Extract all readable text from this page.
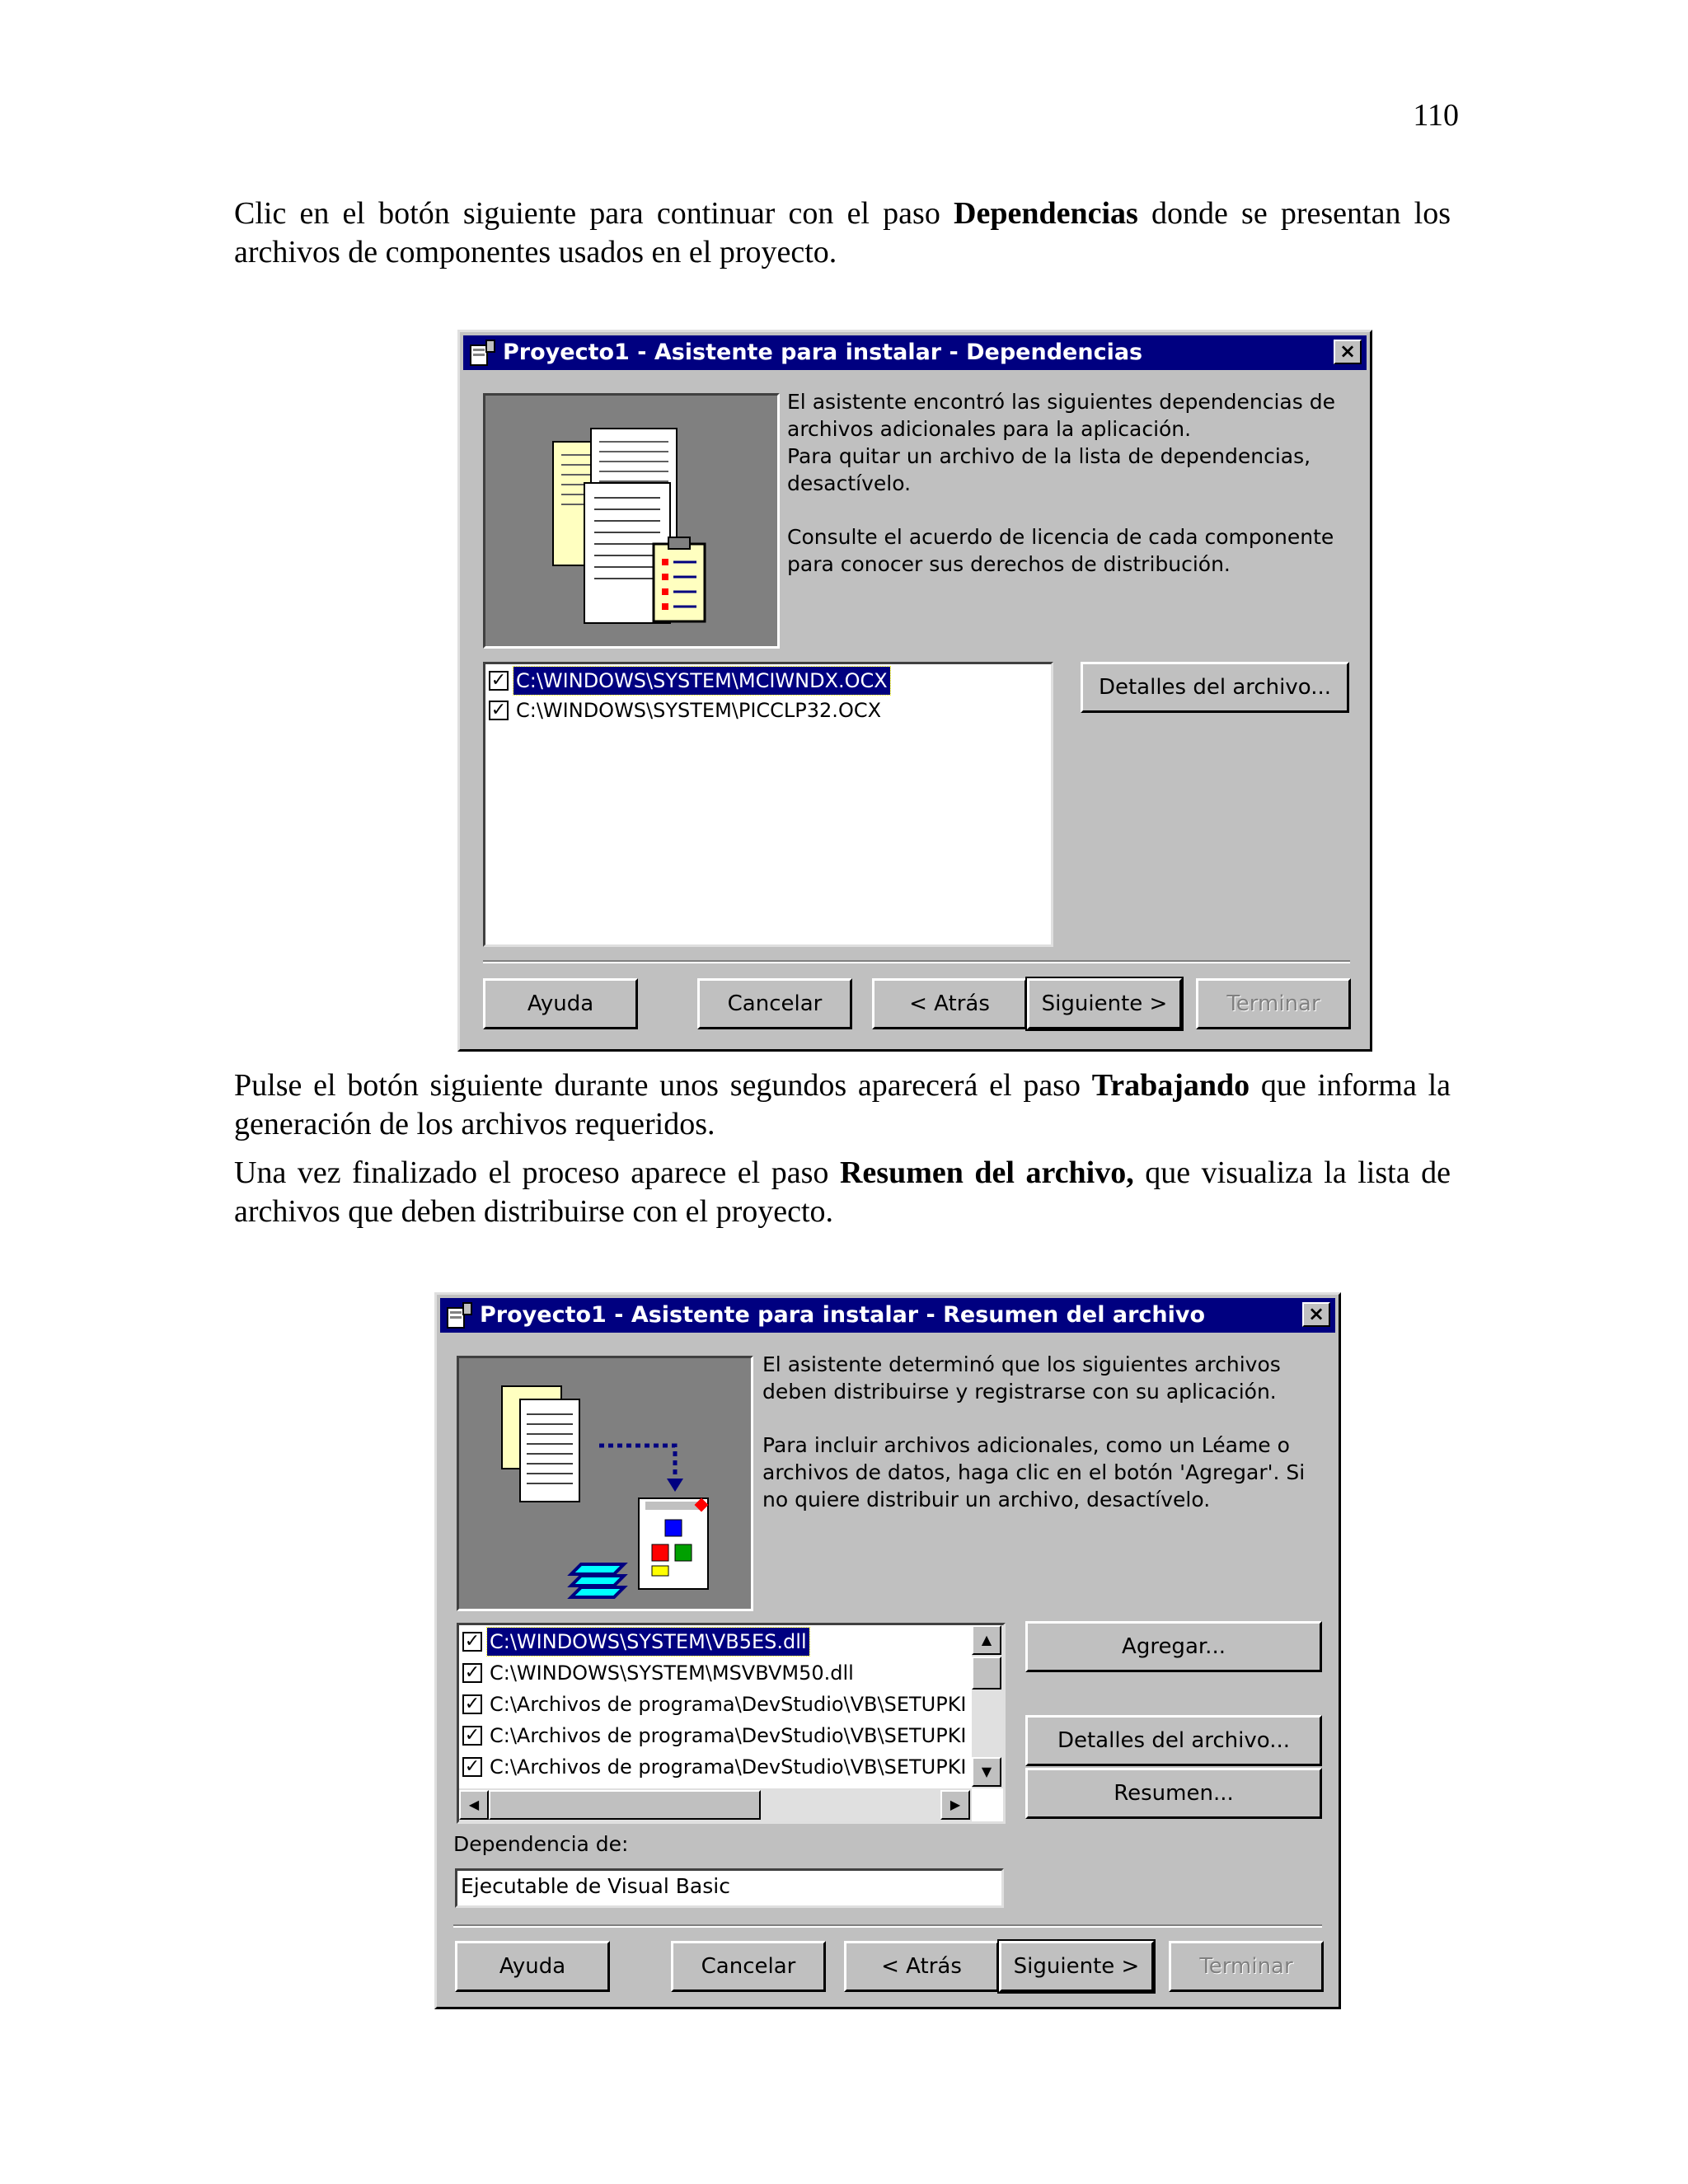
110

Clic en el botón siguiente para continuar con el paso Dependencias donde se presentan los archivos de componentes usados en el proyecto.

Proyecto1 - Asistente para instalar - Dependencias	×

El asistente encontró las siguientes dependencias de archivos adicionales para la aplicación.

Para quitar un archivo de la lista de dependencias, desactívelo.

Consulte el acuerdo de licencia de cada componente para conocer sus derechos de distribución.

✓ C:\WINDOWS\SYSTEM\MCIWNDX.OCX
✓ C:\WINDOWS\SYSTEM\PICCLP32.OCX
Detalles del archivo...
Ayuda	Cancelar	< Atrás	Siguiente >	Terminar

Pulse el botón siguiente durante unos segundos aparecerá el paso Trabajando que informa la generación de los archivos requeridos.

Una vez finalizado el proceso aparece el paso Resumen del archivo, que visualiza la lista de archivos que deben distribuirse con el proyecto.

Proyecto1 - Asistente para instalar - Resumen del archivo	×

El asistente determinó que los siguientes archivos deben distribuirse y registrarse con su aplicación.

Para incluir archivos adicionales, como un Léame o archivos de datos, haga clic en el botón 'Agregar'. Si no quiere distribuir un archivo, desactívelo.

✓ C:\WINDOWS\SYSTEM\VB5ES.dll
✓ C:\WINDOWS\SYSTEM\MSVBVM50.dll
✓ C:\Archivos de programa\DevStudio\VB\SETUPKI
✓ C:\Archivos de programa\DevStudio\VB\SETUPKI
✓ C:\Archivos de programa\DevStudio\VB\SETUPKI
▲
▼
◀	▶
Agregar...
Detalles del archivo...
Resumen...
Dependencia de:
Ejecutable de Visual Basic
Ayuda	Cancelar	< Atrás	Siguiente >	Terminar
